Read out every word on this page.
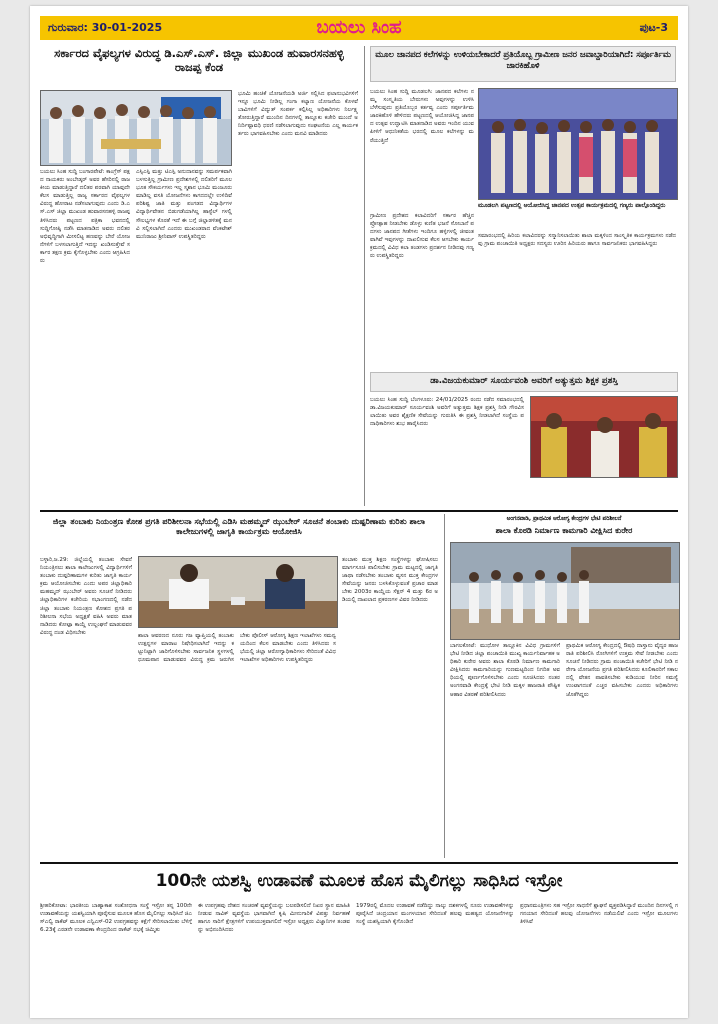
ಗುರುವಾರ: 30-01-2025	ಬಯಲು ಸಿಂಹ	ಪುಟ-3
ಸರ್ಕಾರದ ವೈಫಲ್ಯಗಳ ವಿರುದ್ಧ ಡಿ.ಎಸ್.ಎಸ್. ಜಿಲ್ಲಾ ಮುಖಂಡ ಹುವಾರಸನಹಳ್ಳಿ ರಾಜಪ್ಪ ಕೆಂಡ
ಬಯಲು ಸಿಂಹ ಸುದ್ದಿ ಬಂಗಾರಪೇಟೆ: ಕಾಂಗ್ರೆಸ್ ಪಕ್ಷದ ನಾಯಕರು ಅಂಬೇಡ್ಕರ್ ಅವರ ಹೆಸರಿನಲ್ಲಿ ರಾಜಕೀಯ ಮಾಡುತ್ತಿದ್ದಾರೆ ದಲಿತರ ಪರವಾಗಿ ಯಾವುದೇ ಕೆಲಸ ಮಾಡುತ್ತಿಲ್ಲ ರಾಜ್ಯ ಸರ್ಕಾರದ ವೈಫಲ್ಯಗಳ ವಿರುದ್ಧ ಹೋರಾಟ ನಡೆಸಲಾಗುವುದು ಎಂದು ಡಿ.ಎಸ್.ಎಸ್ ಜಿಲ್ಲಾ ಮುಖಂಡ ಹುವಾರಸನಹಳ್ಳಿ ರಾಜಪ್ಪ ತಿಳಿಸಿದರು ಪಟ್ಟಣದ ಪತ್ರಿಕಾ ಭವನದಲ್ಲಿ ಸುದ್ದಿಗೋಷ್ಠಿ ನಡೆಸಿ ಮಾತನಾಡಿದ ಅವರು ದಲಿತರ ಅಭಿವೃದ್ಧಿಗಾಗಿ ಮೀಸಲಿಟ್ಟ ಹಣವನ್ನು ಬೇರೆ ಯೋಜನೆಗಳಿಗೆ ಬಳಸಲಾಗುತ್ತಿದೆ ಇದನ್ನು ಖಂಡಿಸುತ್ತೇವೆ ಸರ್ಕಾರ ತಕ್ಷಣ ಕ್ರಮ ಕೈಗೊಳ್ಳಬೇಕು ಎಂದು ಆಗ್ರಹಿಸಿದರು
ಎಸ್ಸಿಎಸ್ಪಿ ಮತ್ತು ಟಿಎಸ್ಪಿ ಅನುದಾನವನ್ನು ಸಮರ್ಪಕವಾಗಿ ಬಳಸುತ್ತಿಲ್ಲ ಗ್ರಾಮೀಣ ಪ್ರದೇಶಗಳಲ್ಲಿ ದಲಿತರಿಗೆ ಮೂಲಭೂತ ಸೌಕರ್ಯಗಳು ಇಲ್ಲ ಸ್ಮಶಾನ ಭೂಮಿ ಮಂಜೂರು ಮಾಡಿಲ್ಲ ವಸತಿ ಯೋಜನೆಗಳು ಕಾಗದದಲ್ಲೇ ಉಳಿದಿವೆ ಪರಿಶಿಷ್ಟ ಜಾತಿ ಮತ್ತು ಪಂಗಡದ ವಿದ್ಯಾರ್ಥಿಗಳ ವಿದ್ಯಾರ್ಥಿವೇತನ ಬಿಡುಗಡೆಯಾಗಿಲ್ಲ ಹಾಸ್ಟೆಲ್ ಗಳಲ್ಲಿ ಸೌಲಭ್ಯಗಳ ಕೊರತೆ ಇದೆ ಈ ಬಗ್ಗೆ ಜಿಲ್ಲಾಡಳಿತಕ್ಕೆ ಮನವಿ ಸಲ್ಲಿಸಲಾಗಿದೆ ಎಂದರು ಮುಖಂಡರಾದ ವೆಂಕಟೇಶ್ ಮುನಿರಾಜು ಶ್ರೀನಿವಾಸ್ ಉಪಸ್ಥಿತರಿದ್ದರು
ಭೂಮಿ ಹಂಚಿಕೆ ಯೋಜನೆಯಡಿ ಅರ್ಜಿ ಸಲ್ಲಿಸಿದ ಫಲಾನುಭವಿಗಳಿಗೆ ಇನ್ನೂ ಭೂಮಿ ನೀಡಿಲ್ಲ ಗಂಗಾ ಕಲ್ಯಾಣ ಯೋಜನೆಯ ಕೊಳವೆ ಬಾವಿಗಳಿಗೆ ವಿದ್ಯುತ್ ಸಂಪರ್ಕ ಕಲ್ಪಿಸಿಲ್ಲ ಅಧಿಕಾರಿಗಳು ನಿರ್ಲಕ್ಷ್ಯ ತೋರುತ್ತಿದ್ದಾರೆ ಮುಂದಿನ ದಿನಗಳಲ್ಲಿ ತಾಲ್ಲೂಕು ಕಚೇರಿ ಮುಂದೆ ಅನಿರ್ದಿಷ್ಟಾವಧಿ ಧರಣಿ ನಡೆಸಲಾಗುವುದು ಸಂಘಟನೆಯ ಎಲ್ಲ ಕಾರ್ಯಕರ್ತರು ಭಾಗವಹಿಸಬೇಕು ಎಂದು ಮನವಿ ಮಾಡಿದರು
ಮೂಲ ಜಾನಪದ ಕಲೆಗಳನ್ನು ಉಳಿಯಬೇಕಾದರೆ ಪ್ರತಿಯೊಬ್ಬ ಗ್ರಾಮೀಣ ಜನರ ಜವಾಬ್ದಾರಿಯಾಗಿದೆ: ಸರ್ಪೂರ್ತಿಮ ಜಾರಕಿಹೊಳಿ
ಬಯಲು ಸಿಂಹ ಸುದ್ದಿ ಮೂಡಲಗಿ: ಜಾನಪದ ಕಲೆಗಳು ನಮ್ಮ ಸಂಸ್ಕೃತಿಯ ಬೇರುಗಳು ಅವುಗಳನ್ನು ಉಳಿಸಿ ಬೆಳೆಸುವುದು ಪ್ರತಿಯೊಬ್ಬರ ಕರ್ತವ್ಯ ಎಂದು ಸರ್ಪೂರ್ತಿಮ ಜಾರಕಿಹೊಳಿ ಹೇಳಿದರು ಪಟ್ಟಣದಲ್ಲಿ ಆಯೋಜಿಸಿದ್ದ ಜಾನಪದ ಉತ್ಸವ ಉದ್ಘಾಟಿಸಿ ಮಾತನಾಡಿದ ಅವರು ಇಂದಿನ ಯುವ ಪೀಳಿಗೆ ಆಧುನಿಕತೆಯ ಭರದಲ್ಲಿ ಮೂಲ ಕಲೆಗಳನ್ನು ಮರೆಯುತ್ತಿದೆ
ಮೂಡಲಗಿ ಪಟ್ಟಣದಲ್ಲಿ ಆಯೋಜಿಸಿದ್ದ ಜಾನಪದ ಉತ್ಸವ ಕಾರ್ಯಕ್ರಮದಲ್ಲಿ ಗಣ್ಯರು ಪಾಲ್ಗೊಂಡಿದ್ದರು
ಗ್ರಾಮೀಣ ಪ್ರದೇಶದ ಕಲಾವಿದರಿಗೆ ಸರ್ಕಾರ ಹೆಚ್ಚಿನ ಪ್ರೋತ್ಸಾಹ ನೀಡಬೇಕು ಡೊಳ್ಳು ಕುಣಿತ ಭಜನೆ ಸೋಬಾನೆ ಪದಗಳು ಜಾನಪದ ಗೀತೆಗಳು ಇಂದಿಗೂ ಹಳ್ಳಿಗಳಲ್ಲಿ ಜೀವಂತವಾಗಿವೆ ಇವುಗಳನ್ನು ದಾಖಲಿಸುವ ಕೆಲಸ ಆಗಬೇಕು ಕಾರ್ಯಕ್ರಮದಲ್ಲಿ ವಿವಿಧ ಕಲಾ ತಂಡಗಳು ಪ್ರದರ್ಶನ ನೀಡಿದವು ಗಣ್ಯರು ಉಪಸ್ಥಿತರಿದ್ದರು
ಸಮಾರಂಭದಲ್ಲಿ ಹಿರಿಯ ಕಲಾವಿದರನ್ನು ಸನ್ಮಾನಿಸಲಾಯಿತು ಶಾಲಾ ಮಕ್ಕಳಿಂದ ಸಾಂಸ್ಕೃತಿಕ ಕಾರ್ಯಕ್ರಮಗಳು ನಡೆದವು ಗ್ರಾಮ ಪಂಚಾಯಿತಿ ಅಧ್ಯಕ್ಷರು ಸದಸ್ಯರು ಊರಿನ ಹಿರಿಯರು ಹಾಗೂ ಸಾರ್ವಜನಿಕರು ಭಾಗವಹಿಸಿದ್ದರು
ಡಾ.ವಿಜಯಕುಮಾರ್ ಸೂರ್ಯವಂಶಿ ಅವರಿಗೆ ಅತ್ಯುತ್ತಮ ಶಿಕ್ಷಕ ಪ್ರಶಸ್ತಿ
ಬಯಲು ಸಿಂಹ ಸುದ್ದಿ ಬೆಂಗಳೂರು: 24/01/2025 ರಂದು ನಡೆದ ಸಮಾರಂಭದಲ್ಲಿ ಡಾ.ವಿಜಯಕುಮಾರ್ ಸೂರ್ಯವಂಶಿ ಅವರಿಗೆ ಅತ್ಯುತ್ತಮ ಶಿಕ್ಷಕ ಪ್ರಶಸ್ತಿ ನೀಡಿ ಗೌರವಿಸಲಾಯಿತು ಅವರ ಶೈಕ್ಷಣಿಕ ಸೇವೆಯನ್ನು ಗುರುತಿಸಿ ಈ ಪ್ರಶಸ್ತಿ ನೀಡಲಾಗಿದೆ ಸಂಸ್ಥೆಯ ಪದಾಧಿಕಾರಿಗಳು ಶುಭ ಹಾರೈಸಿದರು
ಜಿಲ್ಲಾ ತಂಬಾಕು ನಿಯಂತ್ರಣ ಕೋಶ ಪ್ರಗತಿ ಪರಿಶೀಲನಾ ಸಭೆಯಲ್ಲಿ ಎಡಿಸಿ ಮಹಮ್ಮದ್ ಝುಬೇರ್ ಸೂಚನೆ ತಂಬಾಕು ದುಷ್ಪರಿಣಾಮ ಕುರಿತು ಶಾಲಾ ಕಾಲೇಜುಗಳಲ್ಲಿ ಜಾಗೃತಿ ಕಾರ್ಯಕ್ರಮ ಆಯೋಜಿಸಿ
ಬಳ್ಳಾರಿ,ಜ.29: ಜಿಲ್ಲೆಯಲ್ಲಿ ತಂಬಾಕು ಸೇವನೆ ನಿಯಂತ್ರಿಸಲು ಶಾಲಾ ಕಾಲೇಜುಗಳಲ್ಲಿ ವಿದ್ಯಾರ್ಥಿಗಳಿಗೆ ತಂಬಾಕು ದುಷ್ಪರಿಣಾಮಗಳ ಕುರಿತು ಜಾಗೃತಿ ಕಾರ್ಯಕ್ರಮ ಆಯೋಜಿಸಬೇಕು ಎಂದು ಅಪರ ಜಿಲ್ಲಾಧಿಕಾರಿ ಮಹಮ್ಮದ್ ಝುಬೇರ್ ಅವರು ಸೂಚನೆ ನೀಡಿದರು ಜಿಲ್ಲಾಧಿಕಾರಿಗಳ ಕಚೇರಿಯ ಸಭಾಂಗಣದಲ್ಲಿ ನಡೆದ ಜಿಲ್ಲಾ ತಂಬಾಕು ನಿಯಂತ್ರಣ ಕೋಶದ ಪ್ರಗತಿ ಪರಿಶೀಲನಾ ಸಭೆಯ ಅಧ್ಯಕ್ಷತೆ ವಹಿಸಿ ಅವರು ಮಾತನಾಡಿದರು ಕೋಟ್ಪಾ ಕಾಯ್ದೆ ಉಲ್ಲಂಘನೆ ಮಾಡುವವರ ವಿರುದ್ಧ ದಂಡ ವಿಧಿಸಬೇಕು
ಶಾಲಾ ಆವರಣದ ನೂರು ಗಜ ವ್ಯಾಪ್ತಿಯಲ್ಲಿ ತಂಬಾಕು ಉತ್ಪನ್ನಗಳ ಮಾರಾಟ ನಿಷೇಧಿಸಲಾಗಿದೆ ಇದನ್ನು ಕಟ್ಟುನಿಟ್ಟಾಗಿ ಜಾರಿಗೊಳಿಸಬೇಕು ಸಾರ್ವಜನಿಕ ಸ್ಥಳಗಳಲ್ಲಿ ಧೂಮಪಾನ ಮಾಡುವವರ ವಿರುದ್ಧ ಕ್ರಮ ಜರುಗಿಸಬೇಕು ಪೊಲೀಸ್ ಆರೋಗ್ಯ ಶಿಕ್ಷಣ ಇಲಾಖೆಗಳು ಸಮನ್ವಯದಿಂದ ಕೆಲಸ ಮಾಡಬೇಕು ಎಂದು ತಿಳಿಸಿದರು ಸಭೆಯಲ್ಲಿ ಜಿಲ್ಲಾ ಆರೋಗ್ಯಾಧಿಕಾರಿಗಳು ಸೇರಿದಂತೆ ವಿವಿಧ ಇಲಾಖೆಗಳ ಅಧಿಕಾರಿಗಳು ಉಪಸ್ಥಿತರಿದ್ದರು
ತಂಬಾಕು ಮುಕ್ತ ಶಿಕ್ಷಣ ಸಂಸ್ಥೆಗಳನ್ನು ಘೋಷಿಸಲು ಮಾರ್ಗಸೂಚಿ ಪಾಲಿಸಬೇಕು ಗ್ರಾಮ ಮಟ್ಟದಲ್ಲಿ ಜಾಗೃತಿ ಜಾಥಾ ನಡೆಸಬೇಕು ತಂಬಾಕು ವ್ಯಸನ ಮುಕ್ತ ಕೇಂದ್ರಗಳ ಸೇವೆಯನ್ನು ಜನರು ಬಳಸಿಕೊಳ್ಳುವಂತೆ ಪ್ರಚಾರ ಮಾಡಬೇಕು 2003ರ ಕಾಯ್ದೆಯ ಸೆಕ್ಷನ್ 4 ಮತ್ತು 6ರ ಅಡಿಯಲ್ಲಿ ದಾಖಲಾದ ಪ್ರಕರಣಗಳ ವಿವರ ನೀಡಿದರು
ಅಂಗನವಾಡಿ, ಪ್ರಾಥಮಿಕ ಆರೋಗ್ಯ ಕೇಂದ್ರಗಳ ಭೇಟಿ ಪರಿಶೀಲನೆ
ಶಾಲಾ ಕೊಠಡಿ ನಿರ್ಮಾಣ ಕಾಮಗಾರಿ ವೀಕ್ಷಿಸಿದ ಕುರೇರ
ಬಾಗಲಕೋಟೆ: ಮುಧೋಳ ತಾಲ್ಲೂಕಿನ ವಿವಿಧ ಗ್ರಾಮಗಳಿಗೆ ಭೇಟಿ ನೀಡಿದ ಜಿಲ್ಲಾ ಪಂಚಾಯಿತಿ ಮುಖ್ಯ ಕಾರ್ಯನಿರ್ವಾಹಕ ಅಧಿಕಾರಿ ಕುರೇರ ಅವರು ಶಾಲಾ ಕೊಠಡಿ ನಿರ್ಮಾಣ ಕಾಮಗಾರಿ ವೀಕ್ಷಿಸಿದರು ಕಾಮಗಾರಿಯನ್ನು ಗುಣಮಟ್ಟದಿಂದ ನಿಗದಿತ ಅವಧಿಯಲ್ಲಿ ಪೂರ್ಣಗೊಳಿಸಬೇಕು ಎಂದು ಸೂಚಿಸಿದರು ನಂತರ ಅಂಗನವಾಡಿ ಕೇಂದ್ರಕ್ಕೆ ಭೇಟಿ ನೀಡಿ ಮಕ್ಕಳ ಹಾಜರಾತಿ ಪೌಷ್ಟಿಕ ಆಹಾರ ವಿತರಣೆ ಪರಿಶೀಲಿಸಿದರು
ಪ್ರಾಥಮಿಕ ಆರೋಗ್ಯ ಕೇಂದ್ರದಲ್ಲಿ ಔಷಧಿ ದಾಸ್ತಾನು ವೈದ್ಯರ ಹಾಜರಾತಿ ಪರಿಶೀಲಿಸಿ ರೋಗಿಗಳಿಗೆ ಉತ್ತಮ ಸೇವೆ ನೀಡಬೇಕು ಎಂದು ಸೂಚನೆ ನೀಡಿದರು ಗ್ರಾಮ ಪಂಚಾಯಿತಿ ಕಚೇರಿಗೆ ಭೇಟಿ ನೀಡಿ ನರೇಗಾ ಯೋಜನೆಯ ಪ್ರಗತಿ ಪರಿಶೀಲಿಸಿದರು ಕೂಲಿಕಾರರಿಗೆ ಸಕಾಲದಲ್ಲಿ ವೇತನ ಪಾವತಿಸಬೇಕು ಕುಡಿಯುವ ನೀರಿನ ಸಮಸ್ಯೆ ಉಂಟಾಗದಂತೆ ಎಚ್ಚರ ವಹಿಸಬೇಕು ಎಂದರು ಅಧಿಕಾರಿಗಳು ಜೊತೆಗಿದ್ದರು
100ನೇ ಯಶಸ್ವಿ ಉಡಾವಣೆ ಮೂಲಕ ಹೊಸ ಮೈಲಿಗಲ್ಲು ಸಾಧಿಸಿದ ಇಸ್ರೋ
ಶ್ರೀಹರಿಕೋಟಾ: ಭಾರತೀಯ ಬಾಹ್ಯಾಕಾಶ ಸಂಶೋಧನಾ ಸಂಸ್ಥೆ ಇಸ್ರೋ ತನ್ನ 100ನೇ ಉಡಾವಣೆಯನ್ನು ಯಶಸ್ವಿಯಾಗಿ ಪೂರೈಸುವ ಮೂಲಕ ಹೊಸ ಮೈಲಿಗಲ್ಲು ಸಾಧಿಸಿದೆ ಜಿಎಸ್ಎಲ್ವಿ ರಾಕೆಟ್ ಮೂಲಕ ಎನ್ವಿಎಸ್-02 ಉಪಗ್ರಹವನ್ನು ಕಕ್ಷೆಗೆ ಸೇರಿಸಲಾಯಿತು ಬೆಳಿಗ್ಗೆ 6.23ಕ್ಕೆ ಎರಡನೇ ಉಡಾವಣಾ ಕೇಂದ್ರದಿಂದ ರಾಕೆಟ್ ನಭಕ್ಕೆ ಚಿಮ್ಮಿತು
ಈ ಉಪಗ್ರಹವು ದೇಶದ ಸಂಚರಣೆ ವ್ಯವಸ್ಥೆಯನ್ನು ಬಲಪಡಿಸಲಿದೆ ನಿಖರ ಸ್ಥಾನ ಮಾಹಿತಿ ನೀಡುವ ನಾವಿಕ್ ವ್ಯವಸ್ಥೆಯ ಭಾಗವಾಗಿದೆ ಕೃಷಿ ಮೀನುಗಾರಿಕೆ ವಿಪತ್ತು ನಿರ್ವಹಣೆ ಹಾಗೂ ಸಾರಿಗೆ ಕ್ಷೇತ್ರಗಳಿಗೆ ಉಪಯುಕ್ತವಾಗಲಿದೆ ಇಸ್ರೋ ಅಧ್ಯಕ್ಷರು ವಿಜ್ಞಾನಿಗಳ ತಂಡವನ್ನು ಅಭಿನಂದಿಸಿದರು
1979ರಲ್ಲಿ ಮೊದಲ ಉಡಾವಣೆ ನಡೆದಿದ್ದು ನಾಲ್ಕು ದಶಕಗಳಲ್ಲಿ ನೂರು ಉಡಾವಣೆಗಳನ್ನು ಪೂರೈಸಿದೆ ಚಂದ್ರಯಾನ ಮಂಗಳಯಾನ ಸೇರಿದಂತೆ ಹಲವು ಮಹತ್ವದ ಯೋಜನೆಗಳನ್ನು ಸಂಸ್ಥೆ ಯಶಸ್ವಿಯಾಗಿ ಕೈಗೊಂಡಿದೆ
ಪ್ರಧಾನಮಂತ್ರಿಗಳು ಸಹ ಇಸ್ರೋ ಸಾಧನೆಗೆ ಶ್ಲಾಘನೆ ವ್ಯಕ್ತಪಡಿಸಿದ್ದಾರೆ ಮುಂದಿನ ದಿನಗಳಲ್ಲಿ ಗಗನಯಾನ ಸೇರಿದಂತೆ ಹಲವು ಯೋಜನೆಗಳು ನಡೆಯಲಿವೆ ಎಂದು ಇಸ್ರೋ ಮೂಲಗಳು ತಿಳಿಸಿವೆ
